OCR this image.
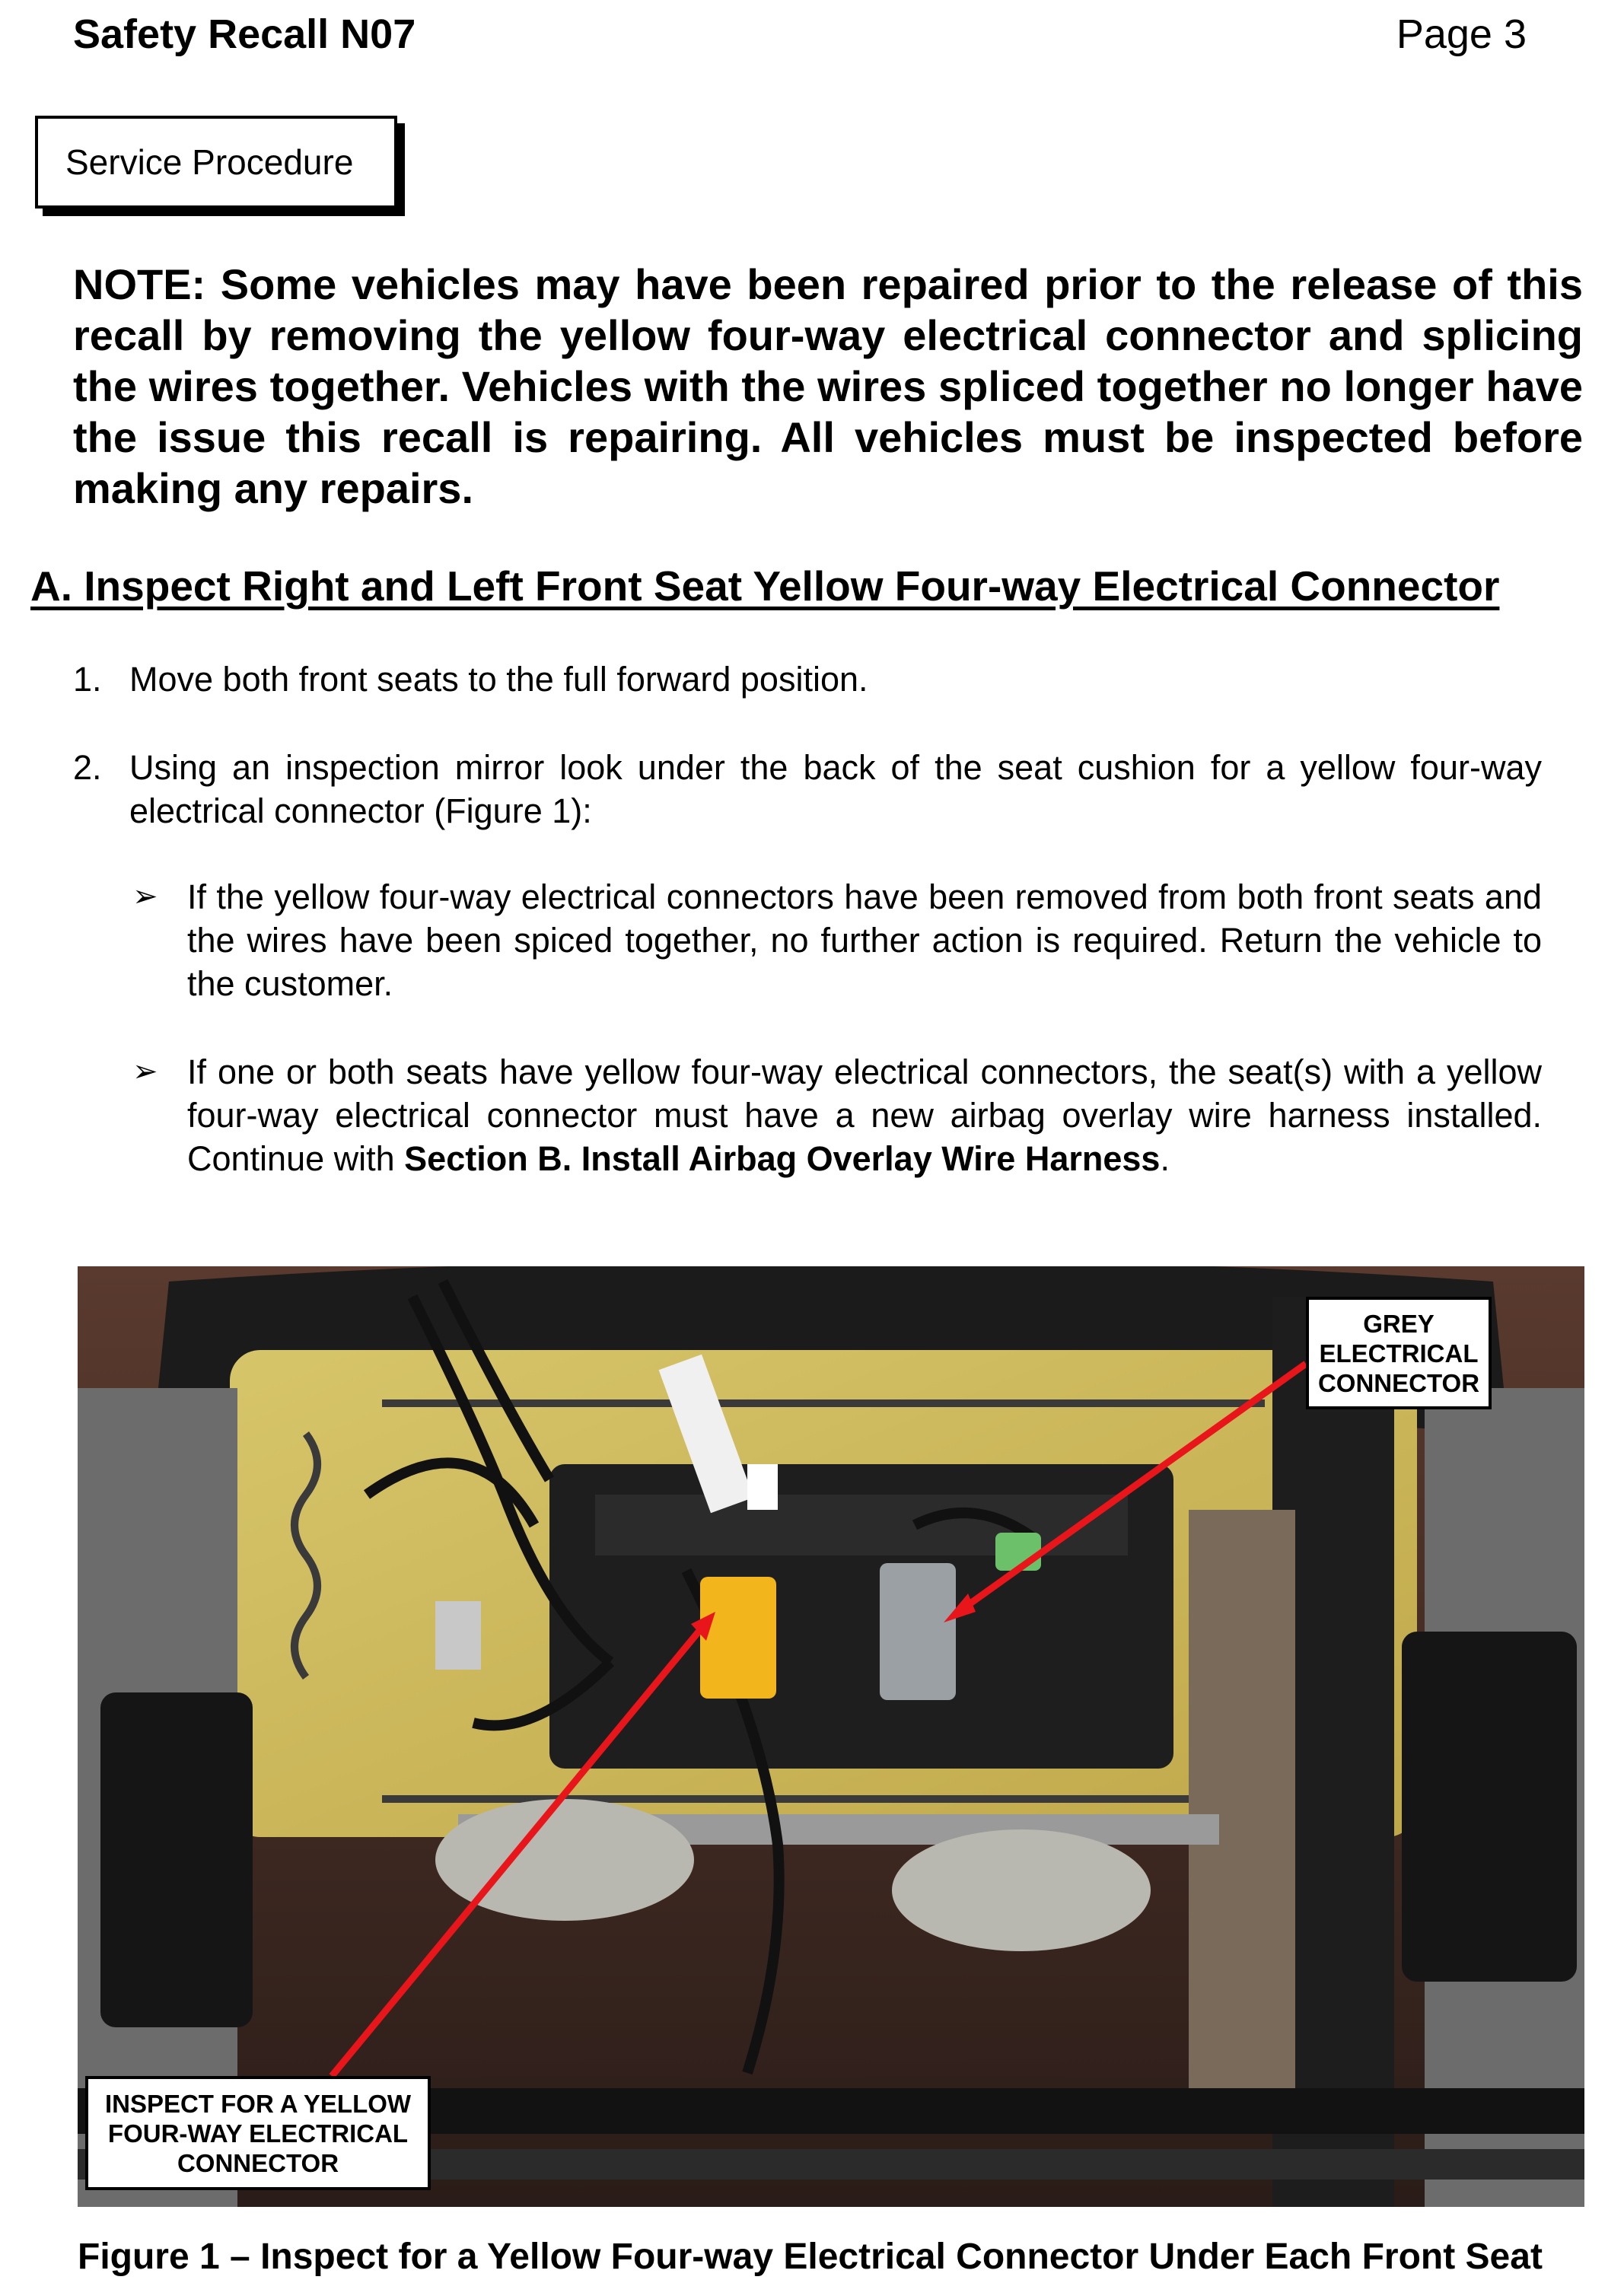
Safety Recall N07	Page 3
Service Procedure
NOTE: Some vehicles may have been repaired prior to the release of this recall by removing the yellow four-way electrical connector and splicing the wires together. Vehicles with the wires spliced together no longer have the issue this recall is repairing. All vehicles must be inspected before making any repairs.
A. Inspect Right and Left Front Seat Yellow Four-way Electrical Connector
1. Move both front seats to the full forward position.
2. Using an inspection mirror look under the back of the seat cushion for a yellow four-way electrical connector (Figure 1):
➢ If the yellow four-way electrical connectors have been removed from both front seats and the wires have been spiced together, no further action is required. Return the vehicle to the customer.
➢ If one or both seats have yellow four-way electrical connectors, the seat(s) with a yellow four-way electrical connector must have a new airbag overlay wire harness installed. Continue with Section B. Install Airbag Overlay Wire Harness.
GREY ELECTRICAL CONNECTOR
INSPECT FOR A YELLOW FOUR-WAY ELECTRICAL CONNECTOR
Figure 1 – Inspect for a Yellow Four-way Electrical Connector Under Each Front Seat
